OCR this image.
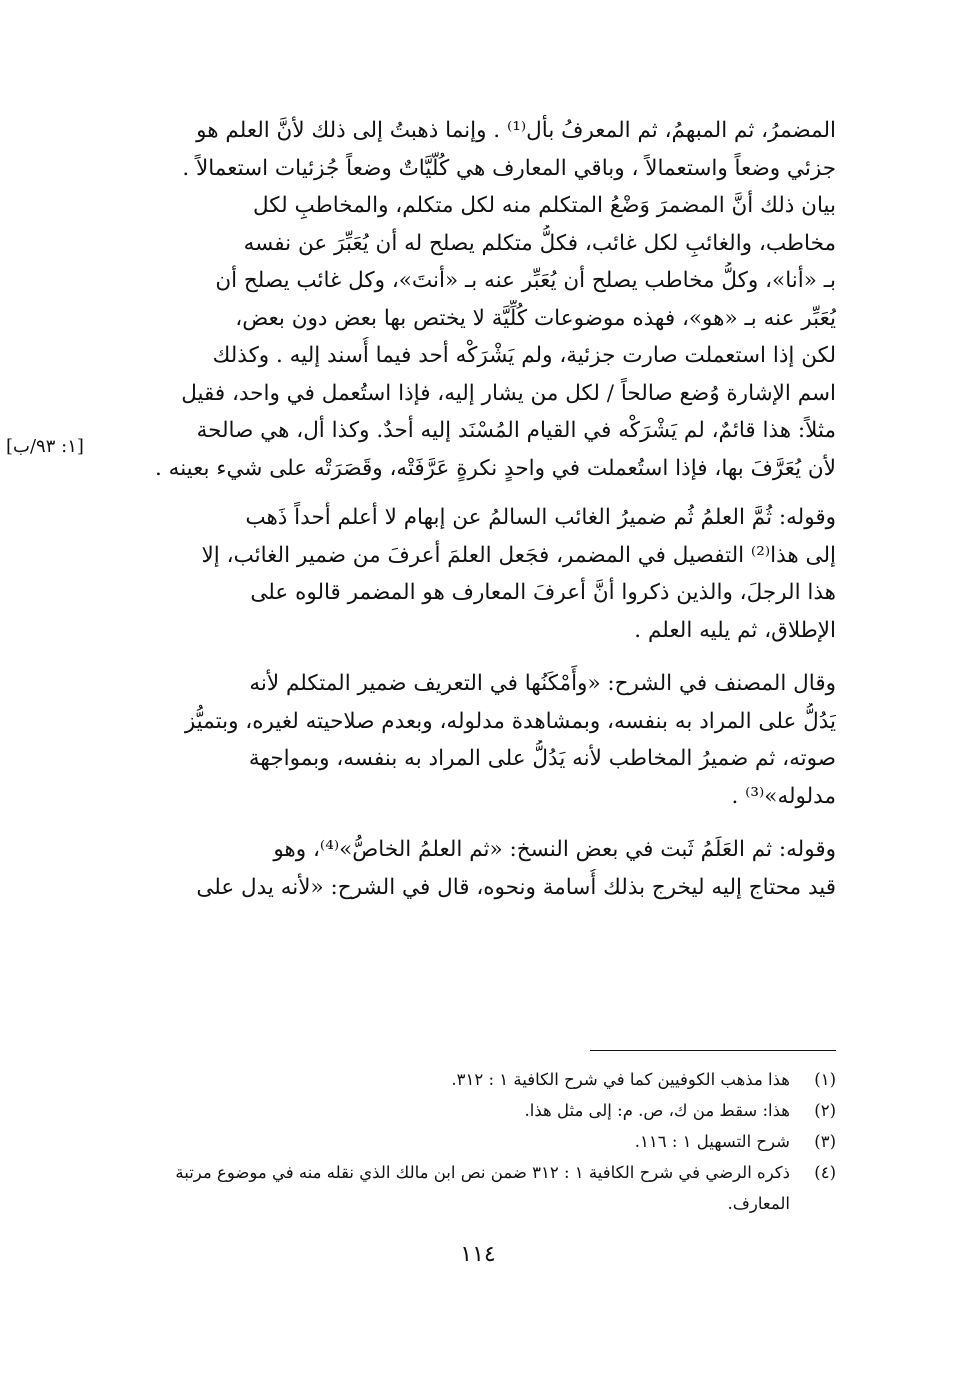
[١: ٩٣/ب]

المضمرُ، ثم المبهمُ، ثم المعرفُ بأل⁽¹⁾ . وإنما ذهبتُ إلى ذلك لأنَّ العلم هو
جزئي وضعاً واستعمالاً ، وباقي المعارف هي كُلّيَّاتٌ وضعاً جُزئيات استعمالاً .
بيان ذلك أنَّ المضمرَ وَضْعُ المتكلم منه لكل متكلم، والمخاطبِ لكل
مخاطب، والغائبِ لكل غائب، فكلُّ متكلم يصلح له أن يُعَبِّرَ عن نفسه
بـ «أنا»، وكلُّ مخاطب يصلح أن يُعَبِّر عنه بـ «أنتَ»، وكل غائب يصلح أن
يُعَبِّر عنه بـ «هو»، فهذه موضوعات كُلِّيَّة لا يختص بها بعض دون بعض،
لكن إذا استعملت صارت جزئية، ولم يَشْرَكْه أحد فيما أُسند إليه . وكذلك
اسم الإشارة وُضع صالحاً / لكل من يشار إليه، فإذا استُعمل في واحد، فقيل
مثلاً: هذا قائمٌ، لم يَشْرَكْه في القيام المُسْنَد إليه أحدٌ. وكذا أل، هي صالحة
لأن يُعَرَّفَ بها، فإذا استُعملت في واحدٍ نكرةٍ عَرَّفَتْه، وقَصَرَتْه على شيء بعينه .

وقوله: ثُمَّ العلمُ ثُم ضميرُ الغائب السالمُ عن إبهام لا أعلم أحداً ذَهب
إلى هذا⁽²⁾ التفصيل في المضمر، فجَعل العلمَ أعرفَ من ضمير الغائب، إلا
هذا الرجلَ، والذين ذكروا أنَّ أعرفَ المعارف هو المضمر قالوه على
الإطلاق، ثم يليه العلم .

وقال المصنف في الشرح: «وأَمْكَنُها في التعريف ضمير المتكلم لأنه
يَدُلُّ على المراد به بنفسه، وبمشاهدة مدلوله، وبعدم صلاحيته لغيره، وبتميُّز
صوته، ثم ضميرُ المخاطب لأنه يَدُلُّ على المراد به بنفسه، وبمواجهة
مدلوله»⁽³⁾ .

وقوله: ثم العَلَمُ ثَبت في بعض النسخ: «ثم العلمُ الخاصُّ»⁽⁴⁾، وهو
قيد محتاج إليه ليخرج بذلك أُسامة ونحوه، قال في الشرح: «لأنه يدل على

(١)
هذا مذهب الكوفيين كما في شرح الكافية ١ : ٣١٢.
(٢)
هذا: سقط من ك، ص. م: إلى مثل هذا.
(٣)
شرح التسهيل ١ : ١١٦.
(٤)
ذكره الرضي في شرح الكافية ١ : ٣١٢ ضمن نص ابن مالك الذي نقله منه في موضوع مرتبة المعارف.
١١٤
